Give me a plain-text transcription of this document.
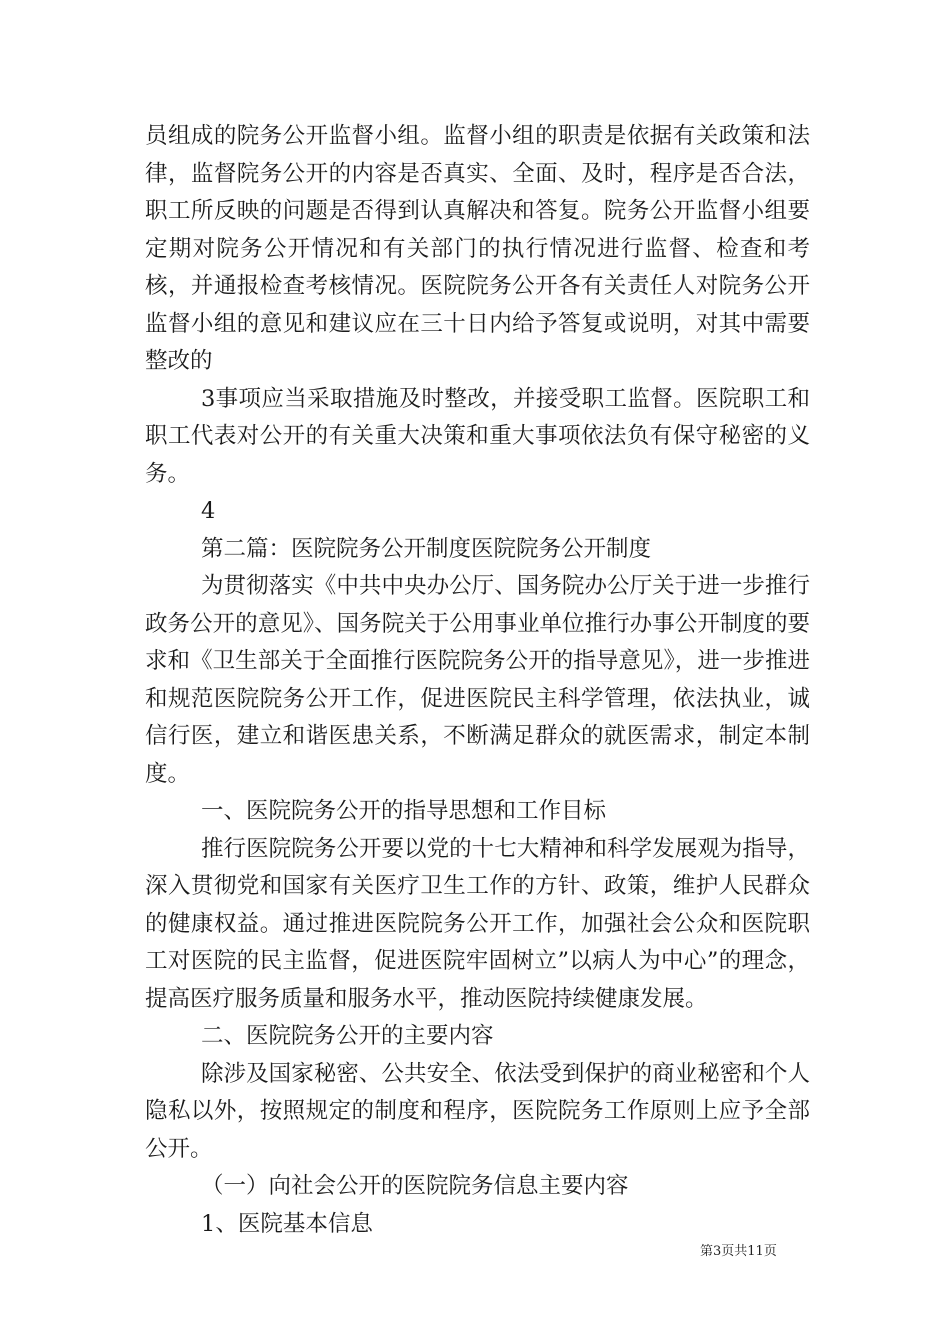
员组成的院务公开监督小组。监督小组的职责是依据有关政策和法律，监督院务公开的内容是否真实、全面、及时，程序是否合法，职工所反映的问题是否得到认真解决和答复。院务公开监督小组要定期对院务公开情况和有关部门的执行情况进行监督、检查和考核，并通报检查考核情况。医院院务公开各有关责任人对院务公开监督小组的意见和建议应在三十日内给予答复或说明，对其中需要整改的

3事项应当采取措施及时整改，并接受职工监督。医院职工和职工代表对公开的有关重大决策和重大事项依法负有保守秘密的义务。

4

第二篇：医院院务公开制度医院院务公开制度

为贯彻落实《中共中央办公厅、国务院办公厅关于进一步推行政务公开的意见》、国务院关于公用事业单位推行办事公开制度的要求和《卫生部关于全面推行医院院务公开的指导意见》，进一步推进和规范医院院务公开工作，促进医院民主科学管理，依法执业，诚信行医，建立和谐医患关系，不断满足群众的就医需求，制定本制度。

一、医院院务公开的指导思想和工作目标

推行医院院务公开要以党的十七大精神和科学发展观为指导，深入贯彻党和国家有关医疗卫生工作的方针、政策，维护人民群众的健康权益。通过推进医院院务公开工作，加强社会公众和医院职工对医院的民主监督，促进医院牢固树立”以病人为中心”的理念，提高医疗服务质量和服务水平，推动医院持续健康发展。

二、医院院务公开的主要内容

除涉及国家秘密、公共安全、依法受到保护的商业秘密和个人隐私以外，按照规定的制度和程序，医院院务工作原则上应予全部公开。

（一）向社会公开的医院院务信息主要内容

1、医院基本信息

第3页共11页
